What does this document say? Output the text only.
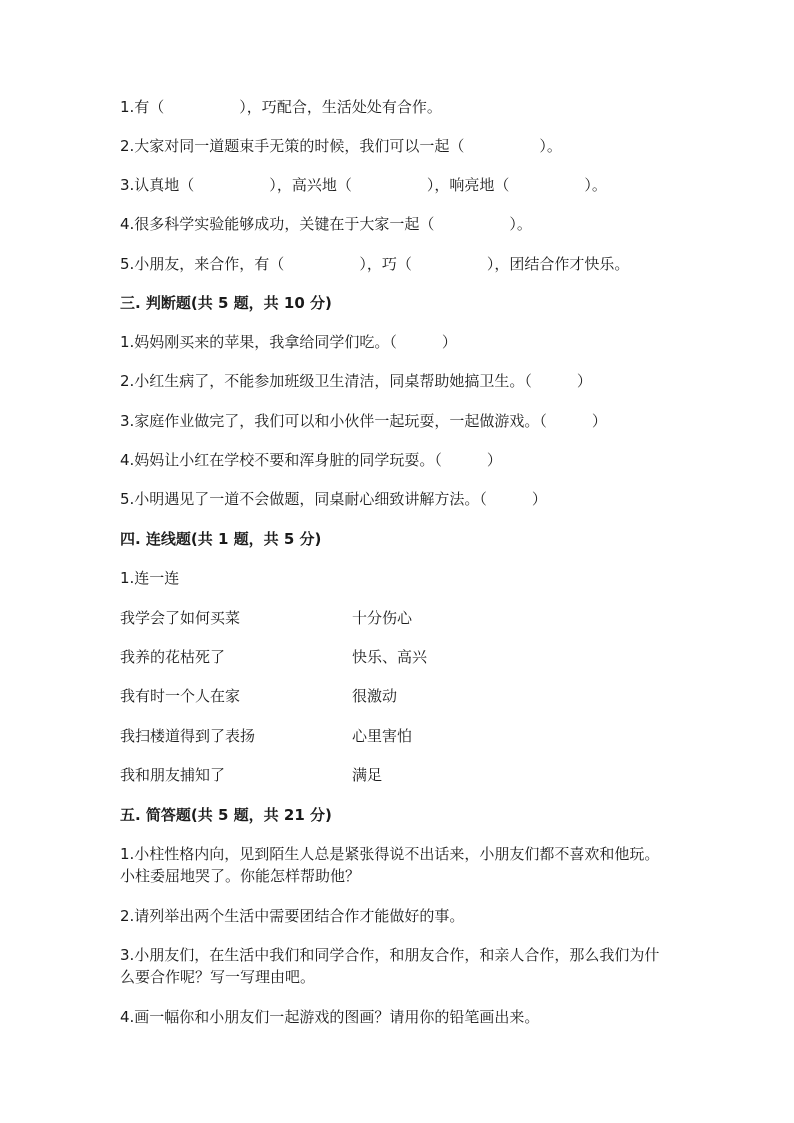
1.有（　　　　　），巧配合，生活处处有合作。
2.大家对同一道题束手无策的时候，我们可以一起（　　　　　）。
3.认真地（　　　　　），高兴地（　　　　　），响亮地（　　　　　）。
4.很多科学实验能够成功，关键在于大家一起（　　　　　）。
5.小朋友，来合作，有（　　　　　），巧（　　　　　），团结合作才快乐。
三. 判断题(共 5 题，共 10 分)
1.妈妈刚买来的苹果，我拿给同学们吃。（　　　）
2.小红生病了，不能参加班级卫生清洁，同桌帮助她搞卫生。（　　　）
3.家庭作业做完了，我们可以和小伙伴一起玩耍，一起做游戏。（　　　）
4.妈妈让小红在学校不要和浑身脏的同学玩耍。（　　　）
5.小明遇见了一道不会做题，同桌耐心细致讲解方法。（　　　）
四. 连线题(共 1 题，共 5 分)
1.连一连
我学会了如何买菜	十分伤心
我养的花枯死了	快乐、高兴
我有时一个人在家	很激动
我扫楼道得到了表扬	心里害怕
我和朋友捕知了	满足
五. 简答题(共 5 题，共 21 分)
1.小柱性格内向，见到陌生人总是紧张得说不出话来，小朋友们都不喜欢和他玩。小柱委屈地哭了。你能怎样帮助他？
2.请列举出两个生活中需要团结合作才能做好的事。
3.小朋友们，在生活中我们和同学合作，和朋友合作，和亲人合作，那么我们为什么要合作呢？写一写理由吧。
4.画一幅你和小朋友们一起游戏的图画？请用你的铅笔画出来。
